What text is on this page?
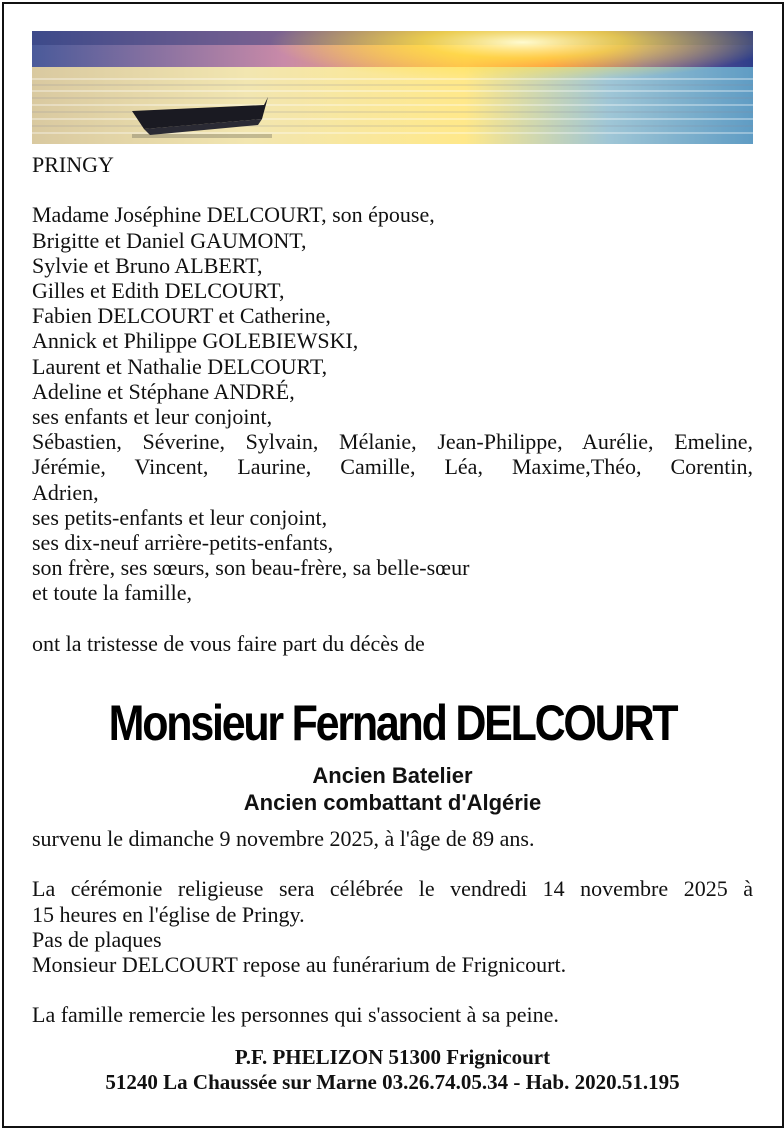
PRINGY
Madame Joséphine DELCOURT, son épouse,
Brigitte et Daniel GAUMONT,
Sylvie et Bruno ALBERT,
Gilles et Edith DELCOURT,
Fabien DELCOURT et Catherine,
Annick et Philippe GOLEBIEWSKI,
Laurent et Nathalie DELCOURT,
Adeline et Stéphane ANDRÉ,
ses enfants et leur conjoint,
Sébastien, Séverine, Sylvain, Mélanie, Jean-Philippe, Aurélie, Emeline,
Jérémie, Vincent, Laurine, Camille, Léa, Maxime,Théo, Corentin,
Adrien,
ses petits-enfants et leur conjoint,
ses dix-neuf arrière-petits-enfants,
son frère, ses sœurs, son beau-frère, sa belle-sœur
et toute la famille,
ont la tristesse de vous faire part du décès de
Monsieur Fernand DELCOURT
Ancien Batelier
Ancien combattant d'Algérie
survenu le dimanche 9 novembre 2025, à l'âge de 89 ans.
La cérémonie religieuse sera célébrée le vendredi 14 novembre 2025 à
15 heures en l'église de Pringy.
Pas de plaques
Monsieur DELCOURT repose au funérarium de Frignicourt.
La famille remercie les personnes qui s'associent à sa peine.
P.F. PHELIZON 51300 Frignicourt
51240 La Chaussée sur Marne 03.26.74.05.34 - Hab. 2020.51.195
